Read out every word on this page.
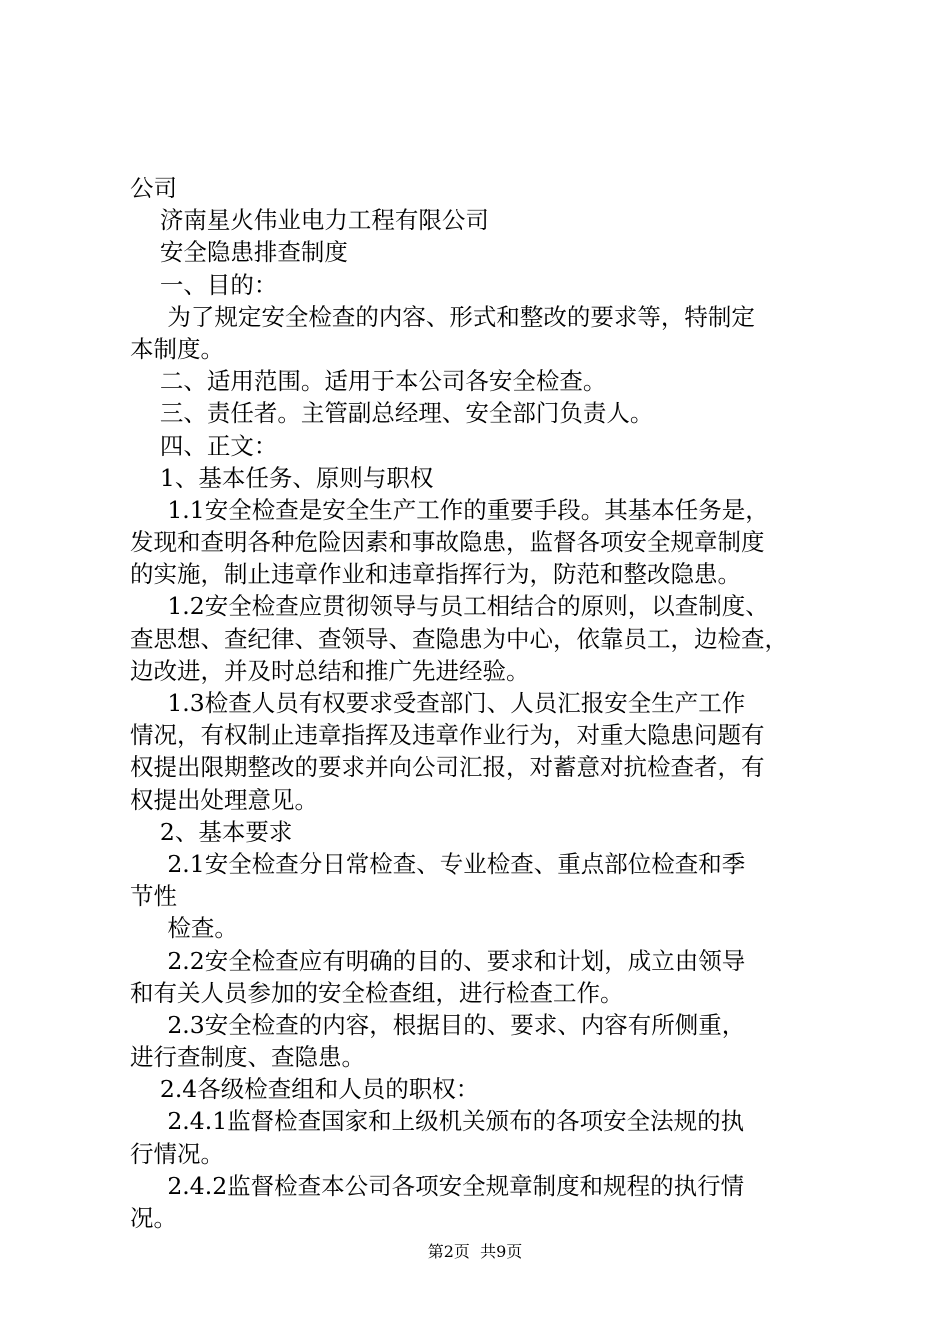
公司
济南星火伟业电力工程有限公司
安全隐患排查制度
一、目的：
为了规定安全检查的内容、形式和整改的要求等，特制定
本制度。
二、适用范围。适用于本公司各安全检查。
三、责任者。主管副总经理、安全部门负责人。
四、正文：
1、基本任务、原则与职权
1.1安全检查是安全生产工作的重要手段。其基本任务是，
发现和查明各种危险因素和事故隐患，监督各项安全规章制度
的实施，制止违章作业和违章指挥行为，防范和整改隐患。
1.2安全检查应贯彻领导与员工相结合的原则，以查制度、
查思想、查纪律、查领导、查隐患为中心，依靠员工，边检查，
边改进，并及时总结和推广先进经验。
1.3检查人员有权要求受查部门、人员汇报安全生产工作
情况，有权制止违章指挥及违章作业行为，对重大隐患问题有
权提出限期整改的要求并向公司汇报，对蓄意对抗检查者，有
权提出处理意见。
2、基本要求
2.1安全检查分日常检查、专业检查、重点部位检查和季
节性
检查。
2.2安全检查应有明确的目的、要求和计划，成立由领导
和有关人员参加的安全检查组，进行检查工作。
2.3安全检查的内容，根据目的、要求、内容有所侧重，
进行查制度、查隐患。
2.4各级检查组和人员的职权：
2.4.1监督检查国家和上级机关颁布的各项安全法规的执
行情况。
2.4.2监督检查本公司各项安全规章制度和规程的执行情
况。
第2页  共9页
